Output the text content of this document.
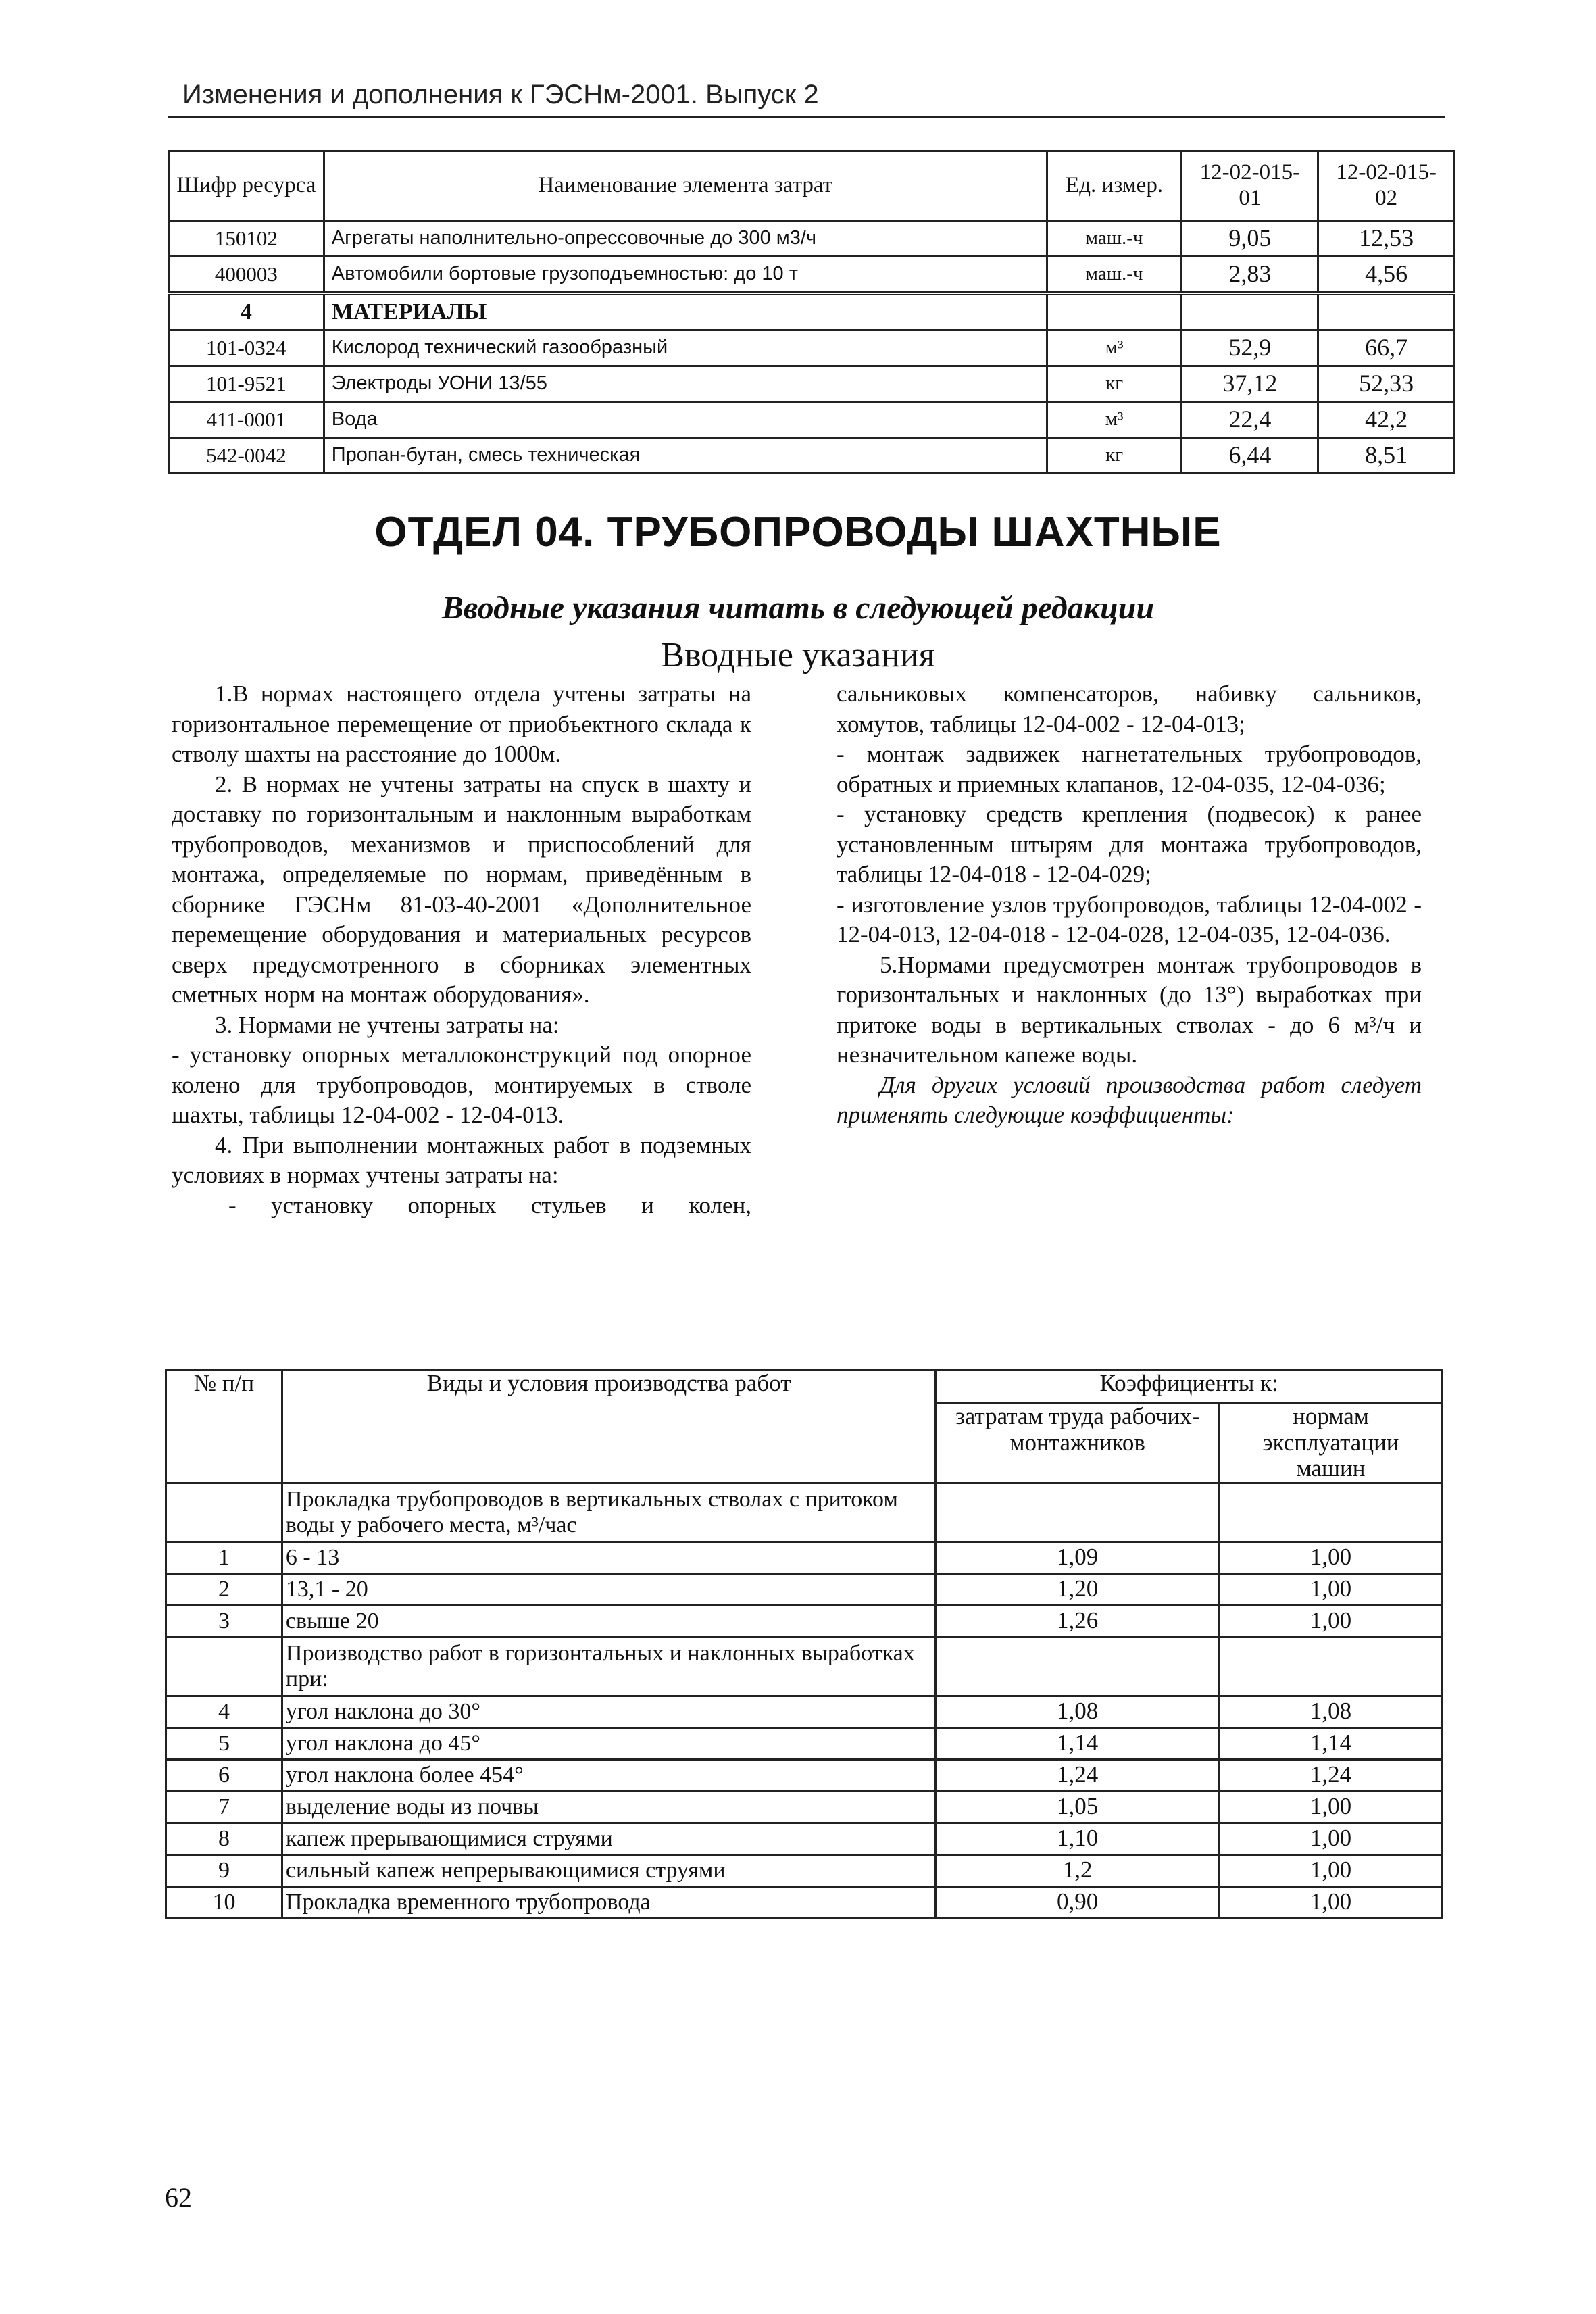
Изменения и дополнения к ГЭСНм-2001. Выпуск 2
Шифр ресурса	Наименование элемента затрат	Ед. измер.	12-02-015-01	12-02-015-02
150102	Агрегаты наполнительно-опрессовочные до 300 м3/ч	маш.-ч	9,05	12,53
400003	Автомобили бортовые грузоподъемностью: до 10 т	маш.-ч	2,83	4,56
4	МАТЕРИАЛЫ			
101-0324	Кислород технический газообразный	м³	52,9	66,7
101-9521	Электроды УОНИ 13/55	кг	37,12	52,33
411-0001	Вода	м³	22,4	42,2
542-0042	Пропан-бутан, смесь техническая	кг	6,44	8,51
ОТДЕЛ 04. ТРУБОПРОВОДЫ ШАХТНЫЕ
Вводные указания читать в следующей редакции
Вводные указания

1.В нормах настоящего отдела учтены затраты на горизонтальное перемещение от приобъектного склада к стволу шахты на расстояние до 1000м.

2. В нормах не учтены затраты на спуск в шахту и доставку по горизонтальным и наклонным выработкам трубопроводов, механизмов и приспособлений для монтажа, определяемые по нормам, приведённым в сборнике ГЭСНм 81-03-40-2001 «Дополнительное перемещение оборудования и материальных ресурсов сверх предусмотренного в сборниках элементных сметных норм на монтаж оборудования».

3. Нормами не учтены затраты на:

- установку опорных металлоконструкций под опорное колено для трубопроводов, монтируемых в стволе шахты, таблицы 12-04-002 - 12-04-013.

4. При выполнении монтажных работ в подземных условиях в нормах учтены затраты на:

- установку опорных стульев и колен,

сальниковых компенсаторов, набивку сальников, хомутов, таблицы 12-04-002 - 12-04-013;

- монтаж задвижек нагнетательных трубопроводов, обратных и приемных клапанов, 12-04-035, 12-04-036;

- установку средств крепления (подвесок) к ранее установленным штырям для монтажа трубопроводов, таблицы 12-04-018 - 12-04-029;

- изготовление узлов трубопроводов, таблицы 12-04-002 - 12-04-013, 12-04-018 - 12-04-028, 12-04-035, 12-04-036.

5.Нормами предусмотрен монтаж трубопроводов в горизонтальных и наклонных (до 13°) выработках при притоке воды в вертикальных стволах - до 6 м³/ч и незначительном капеже воды.

Для других условий производства работ следует применять следующие коэффициенты:

№ п/п	Виды и условия производства работ	Коэффициенты к:	
		затратам труда рабочих-монтажников	нормам эксплуатации машин
	Прокладка трубопроводов в вертикальных стволах с притоком воды у рабочего места, м³/час		
1	6 - 13	1,09	1,00
2	13,1 - 20	1,20	1,00
3	свыше 20	1,26	1,00
	Производство работ в горизонтальных и наклонных выработках при:		
4	угол наклона до 30°	1,08	1,08
5	угол наклона до 45°	1,14	1,14
6	угол наклона более 454°	1,24	1,24
7	выделение воды из почвы	1,05	1,00
8	капеж прерывающимися струями	1,10	1,00
9	сильный капеж непрерывающимися струями	1,2	1,00
10	Прокладка временного трубопровода	0,90	1,00
62
